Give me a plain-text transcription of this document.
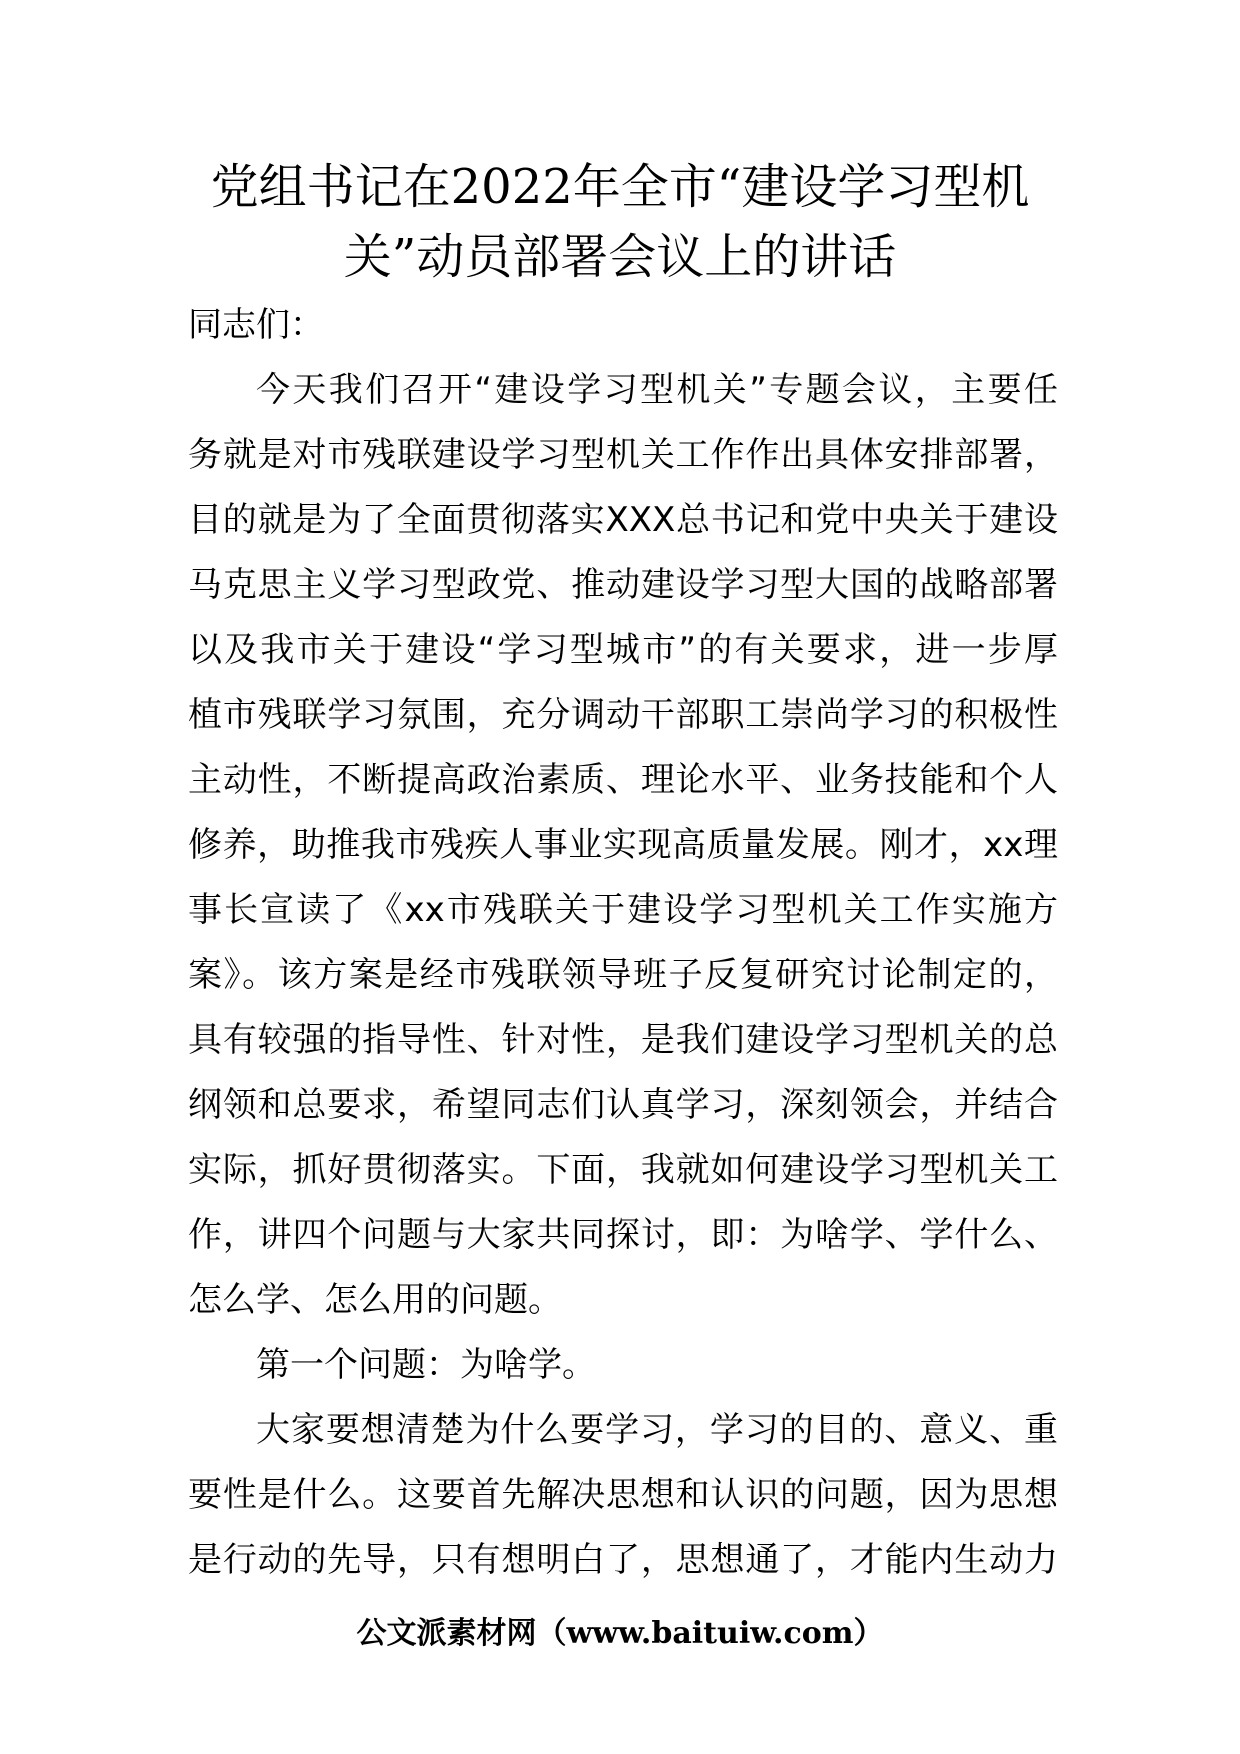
党组书记在2022年全市“建设学习型机
关”动员部署会议上的讲话
同志们：
今天我们召开“建设学习型机关”专题会议，主要任
务就是对市残联建设学习型机关工作作出具体安排部署，
目的就是为了全面贯彻落实XXX总书记和党中央关于建设
马克思主义学习型政党、推动建设学习型大国的战略部署
以及我市关于建设“学习型城市”的有关要求，进一步厚
植市残联学习氛围，充分调动干部职工崇尚学习的积极性
主动性，不断提高政治素质、理论水平、业务技能和个人
修养，助推我市残疾人事业实现高质量发展。刚才，xx理
事长宣读了《xx市残联关于建设学习型机关工作实施方
案》。该方案是经市残联领导班子反复研究讨论制定的，
具有较强的指导性、针对性，是我们建设学习型机关的总
纲领和总要求，希望同志们认真学习，深刻领会，并结合
实际，抓好贯彻落实。下面，我就如何建设学习型机关工
作，讲四个问题与大家共同探讨，即：为啥学、学什么、
怎么学、怎么用的问题。
第一个问题：为啥学。
大家要想清楚为什么要学习，学习的目的、意义、重
要性是什么。这要首先解决思想和认识的问题，因为思想
是行动的先导，只有想明白了，思想通了，才能内生动力
公文派素材网（www.baituiw.com）
